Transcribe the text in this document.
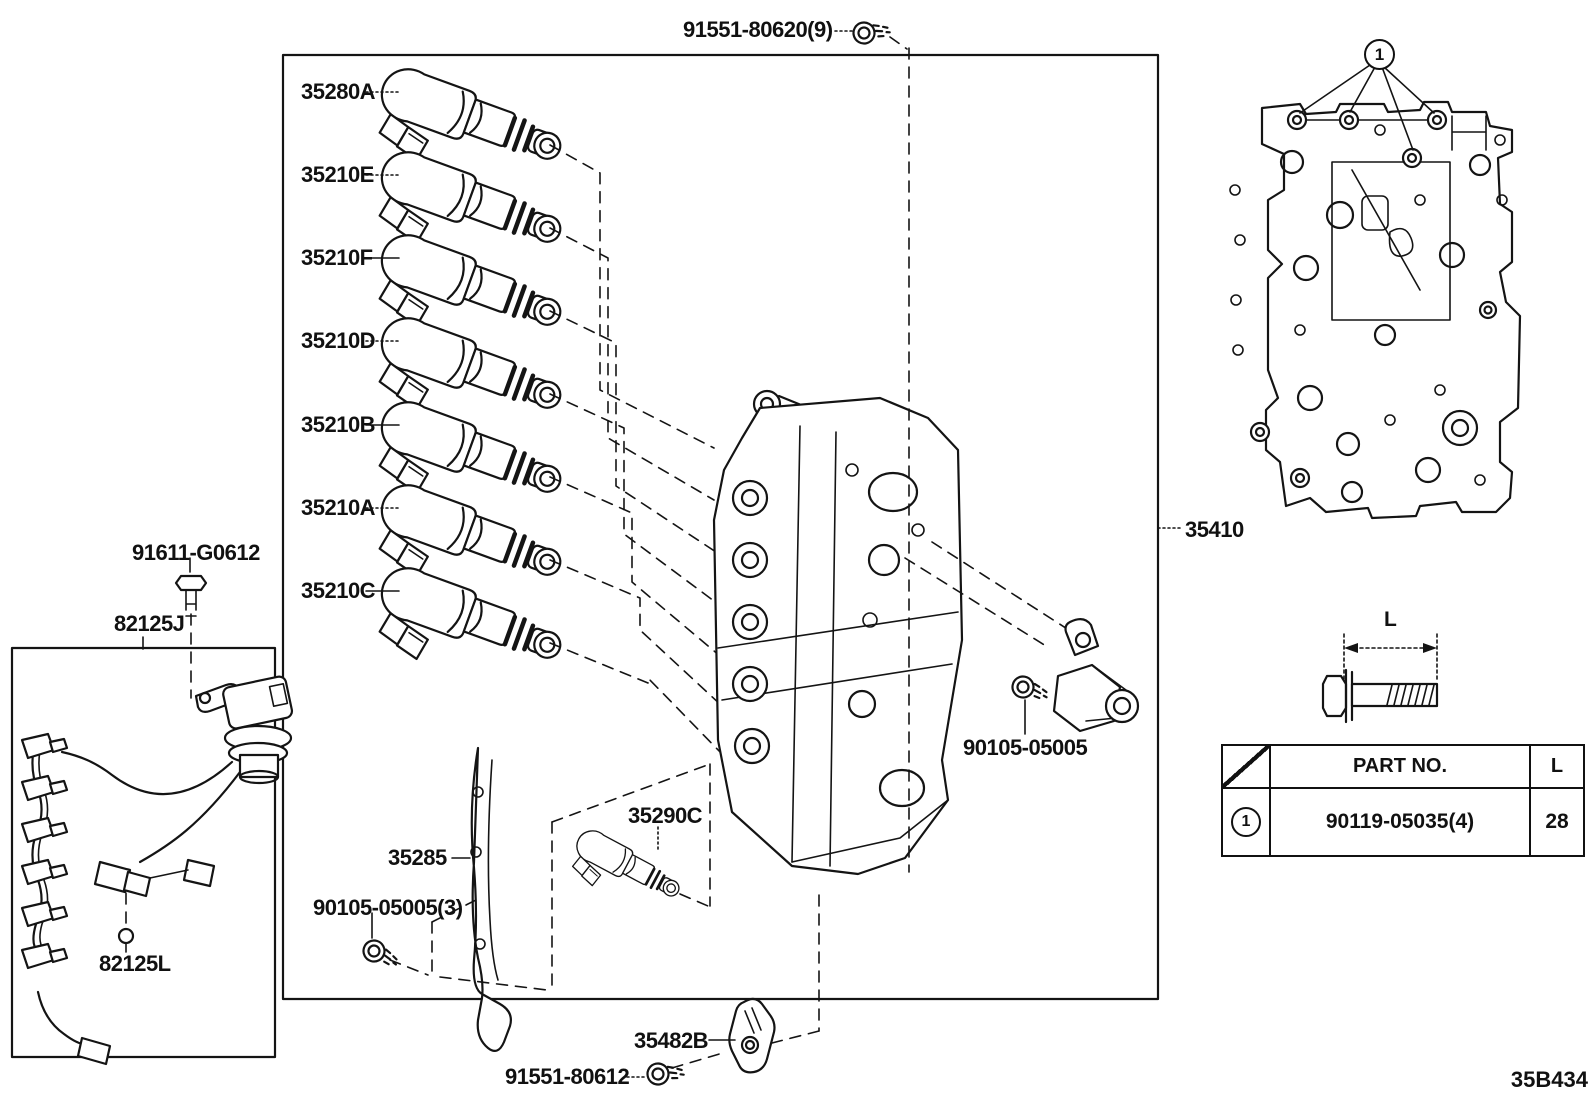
91551-80620(9)
35280A
35210E
35210F
35210D
35210B
35210A
35210C
35410
91611-G0612
82125J
82125L
35285
90105-05005(3)
35290C
35482B
91551-80612
90105-05005
L
1
	PART NO.	L

1	90119-05035(4)	28
35B434
